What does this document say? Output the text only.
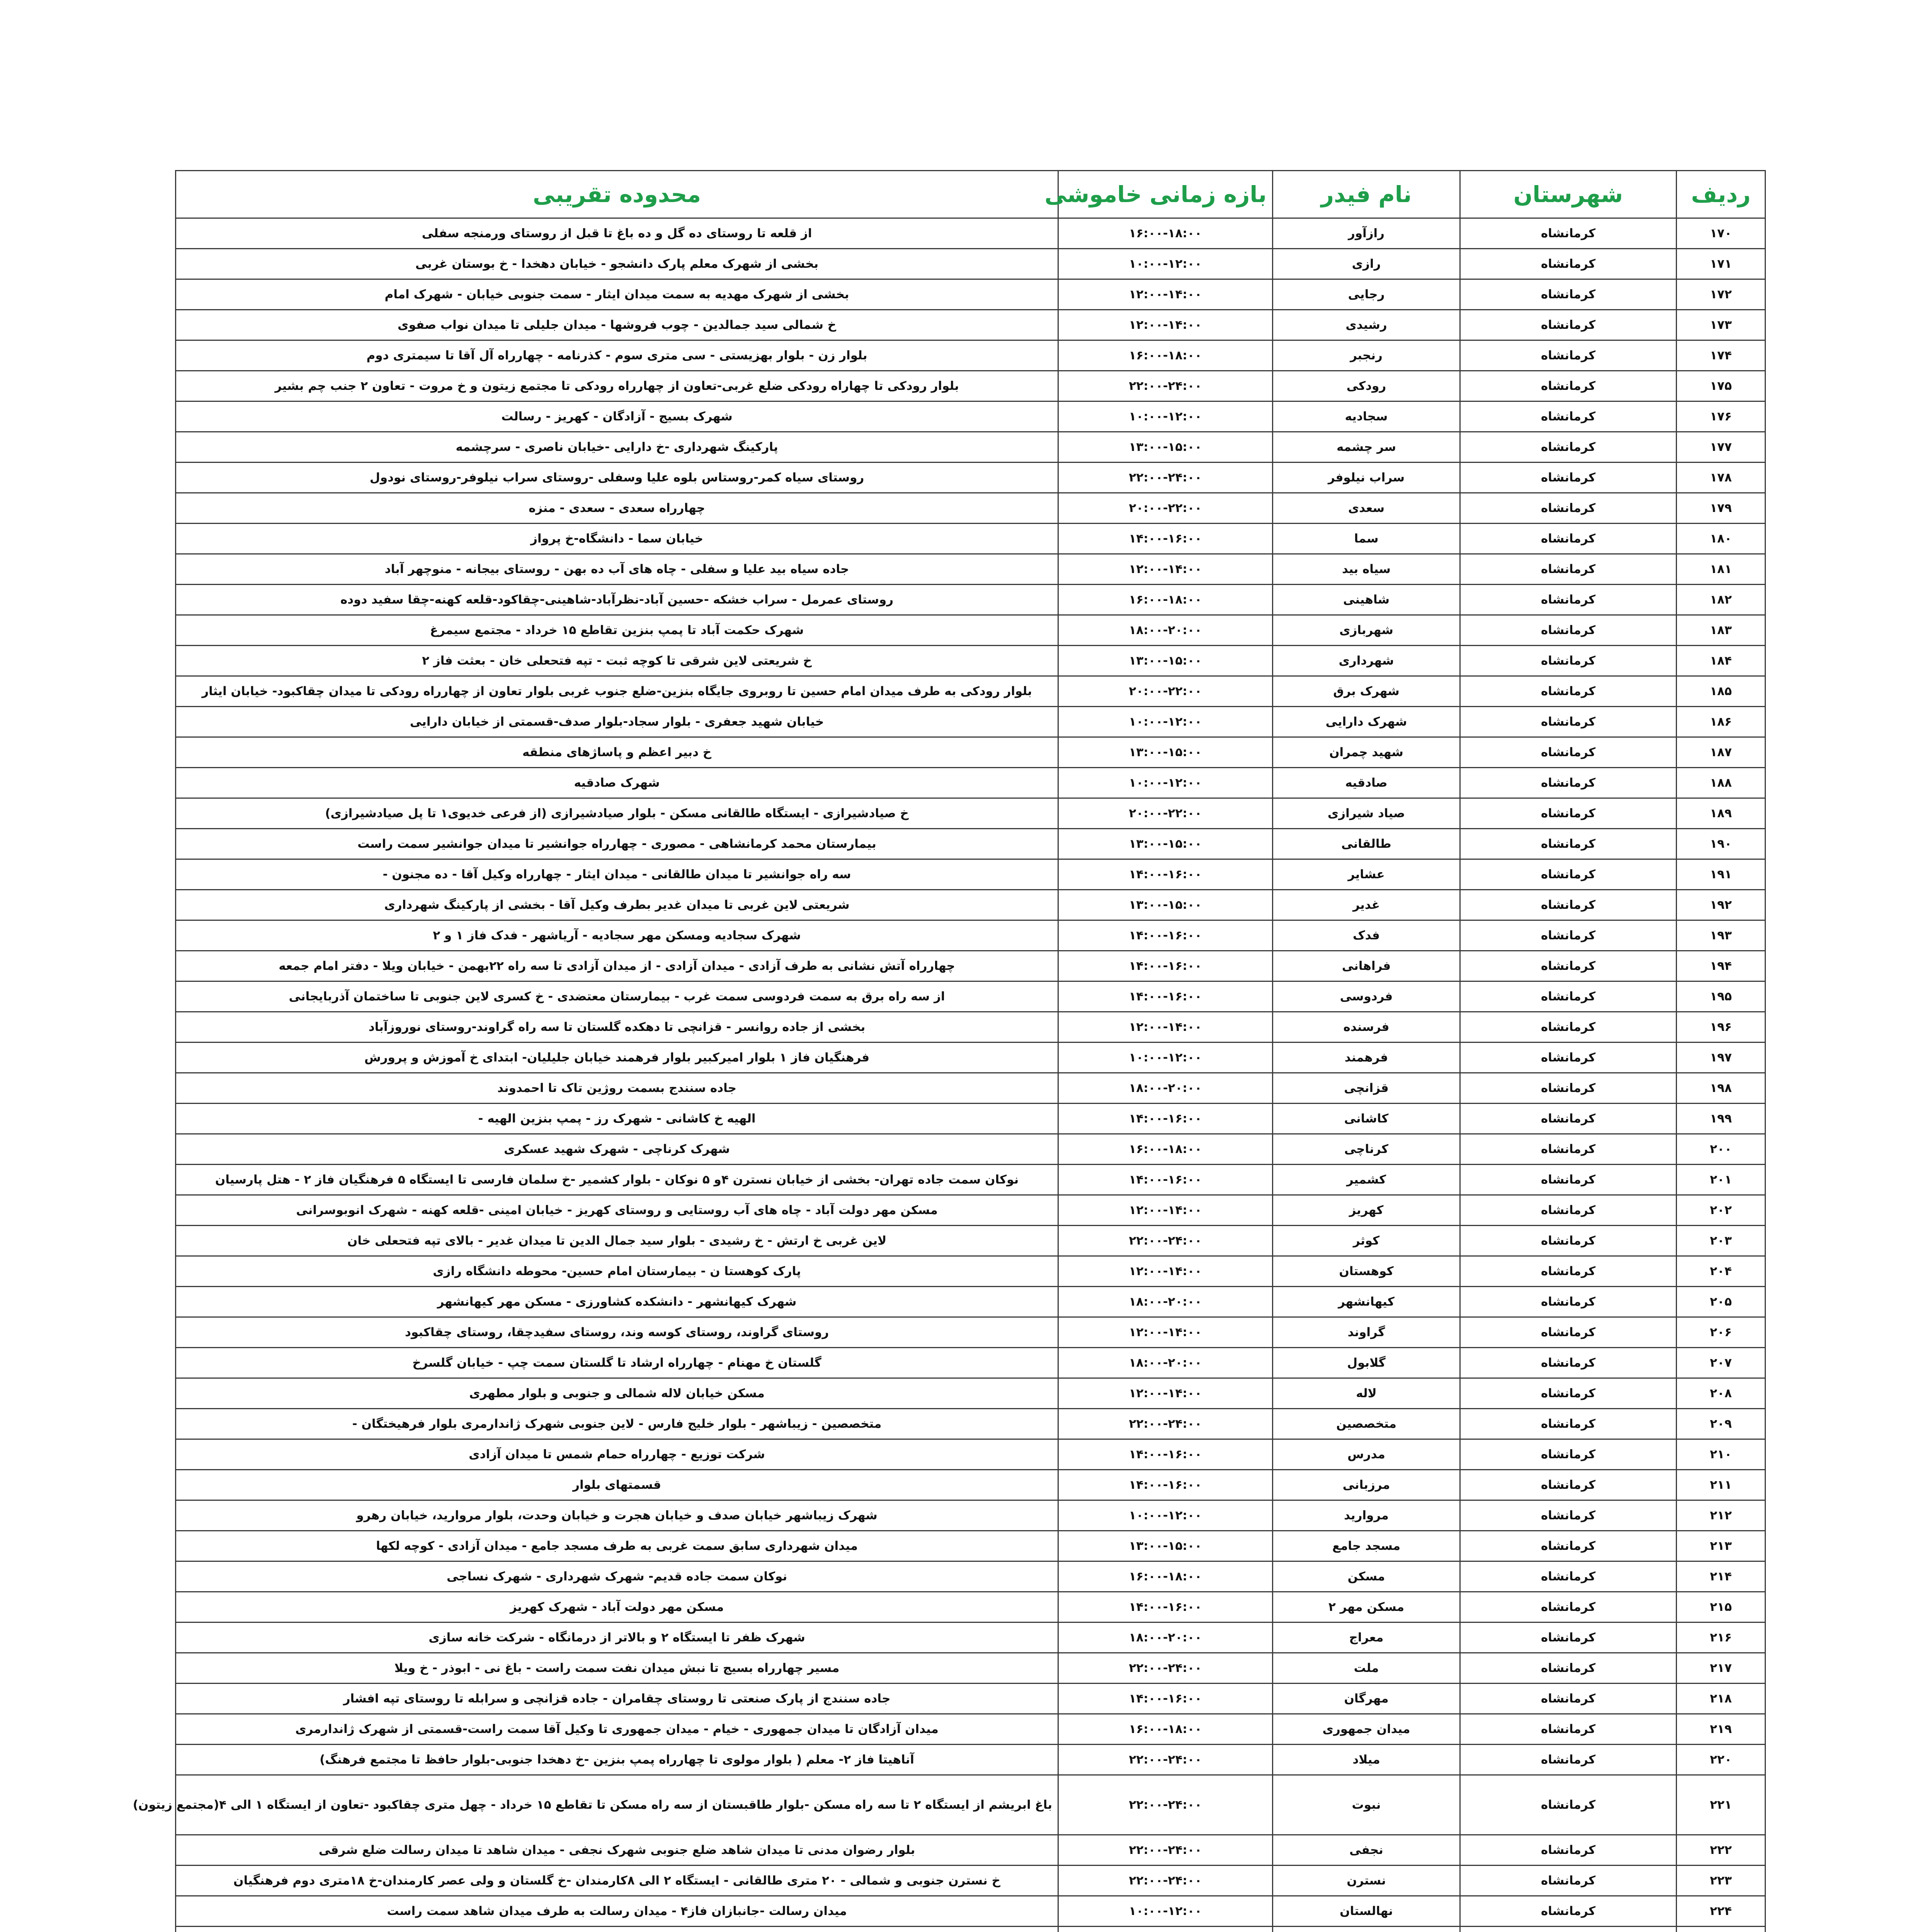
ردیف	شهرستان	نام فیدر	بازه زمانی خاموشی	محدوده تقریبی
۱۷۰	کرمانشاه	رازآور	۱۶:۰۰-۱۸:۰۰	از قلعه تا روستای ده گل و ده باغ تا قبل از روستای ورمنجه سفلی
۱۷۱	کرمانشاه	رازی	۱۰:۰۰-۱۲:۰۰	بخشی از شهرک معلم پارک دانشجو - خیابان دهخدا - خ بوستان غربی
۱۷۲	کرمانشاه	رجایی	۱۲:۰۰-۱۴:۰۰	بخشی از شهرک مهدیه به سمت میدان ایثار - سمت جنوبی خیابان - شهرک امام
۱۷۳	کرمانشاه	رشیدی	۱۲:۰۰-۱۴:۰۰	خ شمالی سید جمالدین - چوب فروشها - میدان جلیلی تا میدان نواب صفوی
۱۷۴	کرمانشاه	رنجبر	۱۶:۰۰-۱۸:۰۰	بلوار زن - بلوار بهزیستی - سی متری سوم - کذرنامه - چهارراه آل آقا تا سیمتری دوم
۱۷۵	کرمانشاه	رودکی	۲۲:۰۰-۲۴:۰۰	بلوار رودکی تا چهاراه رودکی ضلع غربی-تعاون از چهارراه رودکی تا مجتمع زیتون و خ مروت - تعاون ۲ جنب چم بشیر
۱۷۶	کرمانشاه	سجادیه	۱۰:۰۰-۱۲:۰۰	شهرک بسیج - آزادگان - کهریز - رسالت
۱۷۷	کرمانشاه	سر چشمه	۱۳:۰۰-۱۵:۰۰	پارکینگ شهرداری -خ دارایی -خیابان ناصری - سرچشمه
۱۷۸	کرمانشاه	سراب نیلوفر	۲۲:۰۰-۲۴:۰۰	روستای سیاه کمر-روستاس بلوه علیا وسفلی -روستای سراب نیلوفر-روستای نودول
۱۷۹	کرمانشاه	سعدی	۲۰:۰۰-۲۲:۰۰	چهارراه سعدی - سعدی - منزه
۱۸۰	کرمانشاه	سما	۱۴:۰۰-۱۶:۰۰	خیابان سما - دانشگاه-خ پرواز
۱۸۱	کرمانشاه	سیاه بید	۱۲:۰۰-۱۴:۰۰	جاده سیاه بید علیا و سفلی - چاه های آب ده بهن - روستای بیجانه - منوچهر آباد
۱۸۲	کرمانشاه	شاهینی	۱۶:۰۰-۱۸:۰۰	روستای عمرمل - سراب خشکه -حسین آباد-نظرآباد-شاهینی-چقاکود-قلعه کهنه-چقا سفید دوده
۱۸۳	کرمانشاه	شهربازی	۱۸:۰۰-۲۰:۰۰	شهرک حکمت آباد تا پمپ بنزین تقاطع ۱۵ خرداد - مجتمع سیمرغ
۱۸۴	کرمانشاه	شهرداری	۱۳:۰۰-۱۵:۰۰	خ شریعتی لاین شرقی تا کوچه ثبت - تپه فتحعلی خان - بعثت فاز ۲
۱۸۵	کرمانشاه	شهرک برق	۲۰:۰۰-۲۲:۰۰	بلوار رودکی به طرف میدان امام حسین تا روبروی جایگاه بنزین-ضلع جنوب غربی بلوار تعاون از چهارراه رودکی تا میدان چقاکبود- خیابان ایثار
۱۸۶	کرمانشاه	شهرک دارایی	۱۰:۰۰-۱۲:۰۰	خیابان شهید جعفری - بلوار سجاد-بلوار صدف-قسمتی از خیابان دارایی
۱۸۷	کرمانشاه	شهید چمران	۱۳:۰۰-۱۵:۰۰	خ دبیر اعظم و پاساژهای منطقه
۱۸۸	کرمانشاه	صادقیه	۱۰:۰۰-۱۲:۰۰	شهرک صادقیه
۱۸۹	کرمانشاه	صیاد شیرازی	۲۰:۰۰-۲۲:۰۰	خ صیادشیرازی - ایستگاه طالقانی مسکن - بلوار صیادشیرازی (از فرعی خدیوی۱ تا پل صیادشیرازی)
۱۹۰	کرمانشاه	طالقانی	۱۳:۰۰-۱۵:۰۰	بیمارستان محمد کرمانشاهی - مصوری - چهارراه جوانشیر تا میدان جوانشیر سمت راست
۱۹۱	کرمانشاه	عشایر	۱۴:۰۰-۱۶:۰۰	سه راه جوانشیر تا میدان طالقانی - میدان ایثار - چهارراه وکیل آقا - ده مجنون -
۱۹۲	کرمانشاه	غدیر	۱۳:۰۰-۱۵:۰۰	شریعتی لاین غربی تا میدان غدیر بطرف وکیل آقا - بخشی از پارکینگ شهرداری
۱۹۳	کرمانشاه	فدک	۱۴:۰۰-۱۶:۰۰	شهرک سجادیه ومسکن مهر سجادیه - آریاشهر - فدک فاز ۱ و ۲
۱۹۴	کرمانشاه	فراهانی	۱۴:۰۰-۱۶:۰۰	چهارراه آتش نشانی به طرف آزادی - میدان آزادی - از میدان آزادی تا سه راه ۲۲بهمن - خیابان ویلا - دفتر امام جمعه
۱۹۵	کرمانشاه	فردوسی	۱۴:۰۰-۱۶:۰۰	از سه راه برق به سمت فردوسی سمت غرب - بیمارستان معتضدی - خ کسری لاین جنوبی تا ساختمان آذربایجانی
۱۹۶	کرمانشاه	فرسنده	۱۲:۰۰-۱۴:۰۰	بخشی از جاده روانسر - قزانچی تا دهکده گلستان تا سه راه گراوند-روستای نوروزآباد
۱۹۷	کرمانشاه	فرهمند	۱۰:۰۰-۱۲:۰۰	فرهنگیان فاز ۱ بلوار امیرکبیر بلوار فرهمند خیابان جلیلیان- ابتدای خ آموزش و پرورش
۱۹۸	کرمانشاه	قزانچی	۱۸:۰۰-۲۰:۰۰	جاده سنندج بسمت روژین تاک تا احمدوند
۱۹۹	کرمانشاه	کاشانی	۱۴:۰۰-۱۶:۰۰	الهیه خ کاشانی - شهرک رز - پمپ بنزین الهیه -
۲۰۰	کرمانشاه	کرناچی	۱۶:۰۰-۱۸:۰۰	شهرک کرناچی - شهرک شهید عسکری
۲۰۱	کرمانشاه	کشمیر	۱۴:۰۰-۱۶:۰۰	نوکان سمت جاده تهران- بخشی از خیابان نسترن ۴و ۵ نوکان - بلوار کشمیر -خ سلمان فارسی تا ایستگاه ۵ فرهنگیان فاز ۲ - هتل پارسیان
۲۰۲	کرمانشاه	کهریز	۱۲:۰۰-۱۴:۰۰	مسکن مهر دولت آباد - چاه های آب روستایی و روستای کهریز - خیابان امینی -قلعه کهنه - شهرک انوبوسرانی
۲۰۳	کرمانشاه	کوثر	۲۲:۰۰-۲۴:۰۰	لاین غربی خ ارتش - خ رشیدی - بلوار سید جمال الدین تا میدان غدیر - بالای تپه فتحعلی خان
۲۰۴	کرمانشاه	کوهستان	۱۲:۰۰-۱۴:۰۰	پارک کوهستا ن - بیمارستان امام حسین- محوطه دانشگاه رازی
۲۰۵	کرمانشاه	کیهانشهر	۱۸:۰۰-۲۰:۰۰	شهرک کیهانشهر - دانشکده کشاورزی - مسکن مهر کیهانشهر
۲۰۶	کرمانشاه	گراوند	۱۲:۰۰-۱۴:۰۰	روستای گراوند، روستای کوسه وند، روستای سفیدچقا، روستای چقاکبود
۲۰۷	کرمانشاه	گلابول	۱۸:۰۰-۲۰:۰۰	گلستان خ مهنام - چهارراه ارشاد تا گلستان سمت چپ - خیابان گلسرخ
۲۰۸	کرمانشاه	لاله	۱۲:۰۰-۱۴:۰۰	مسکن خیابان لاله شمالی و جنوبی و بلوار مطهری
۲۰۹	کرمانشاه	متخصصین	۲۲:۰۰-۲۴:۰۰	متخصصین - زیباشهر - بلوار خلیج فارس - لاین جنوبی شهرک ژاندارمری بلوار فرهیختگان -
۲۱۰	کرمانشاه	مدرس	۱۴:۰۰-۱۶:۰۰	شرکت توزیع - چهارراه حمام شمس تا میدان آزادی
۲۱۱	کرمانشاه	مرزبانی	۱۴:۰۰-۱۶:۰۰	قسمتهای بلوار
۲۱۲	کرمانشاه	مروارید	۱۰:۰۰-۱۲:۰۰	شهرک زیباشهر خیابان صدف و خیابان هجرت و خیابان وحدت، بلوار مروارید، خیابان رهرو
۲۱۳	کرمانشاه	مسجد جامع	۱۳:۰۰-۱۵:۰۰	میدان شهرداری سابق سمت غربی به طرف مسجد جامع - میدان آزادی - کوچه لکها
۲۱۴	کرمانشاه	مسکن	۱۶:۰۰-۱۸:۰۰	نوکان سمت جاده قدیم- شهرک شهرداری - شهرک نساجی
۲۱۵	کرمانشاه	مسکن مهر ۲	۱۴:۰۰-۱۶:۰۰	مسکن مهر دولت آباد - شهرک کهریز
۲۱۶	کرمانشاه	معراج	۱۸:۰۰-۲۰:۰۰	شهرک ظفر تا ایستگاه ۲ و بالاتر از درمانگاه - شرکت خانه سازی
۲۱۷	کرمانشاه	ملت	۲۲:۰۰-۲۴:۰۰	مسیر چهارراه بسیج تا نبش میدان نفت سمت راست - باغ نی - ابوذر - خ ویلا
۲۱۸	کرمانشاه	مهرگان	۱۴:۰۰-۱۶:۰۰	جاده سنندج از پارک صنعتی تا روستای چقامران - جاده قزانچی و سرابله تا روستای تپه افشار
۲۱۹	کرمانشاه	میدان جمهوری	۱۶:۰۰-۱۸:۰۰	میدان آزادگان تا میدان جمهوری - خیام - میدان جمهوری تا وکیل آقا سمت راست-قسمتی از شهرک ژاندارمری
۲۲۰	کرمانشاه	میلاد	۲۲:۰۰-۲۴:۰۰	آناهیتا فاز ۲- معلم ( بلوار مولوی تا چهارراه پمپ بنزین -خ دهخدا جنوبی-بلوار حافظ تا مجتمع فرهنگ)
۲۲۱	کرمانشاه	نبوت	۲۲:۰۰-۲۴:۰۰	باغ ابریشم از ایستگاه ۲ تا سه راه مسکن -بلوار طاقبستان از سه راه مسکن تا تقاطع ۱۵ خرداد - چهل متری چقاکبود -تعاون از ایستگاه ۱ الی ۴(مجتمع زیتون)
۲۲۲	کرمانشاه	نجفی	۲۲:۰۰-۲۴:۰۰	بلوار رضوان مدنی تا میدان شاهد ضلع جنوبی شهرک نجفی - میدان شاهد تا میدان رسالت ضلع شرقی
۲۲۳	کرمانشاه	نسترن	۲۲:۰۰-۲۴:۰۰	خ نسترن جنوبی و شمالی - ۲۰ متری طالقانی - ایستگاه ۲ الی ۸کارمندان -خ گلستان و ولی عصر کارمندان-خ ۱۸متری دوم فرهنگیان
۲۲۴	کرمانشاه	نهالستان	۱۰:۰۰-۱۲:۰۰	میدان رسالت -جانبازان فاز۴ - میدان رسالت به طرف میدان شاهد سمت راست
